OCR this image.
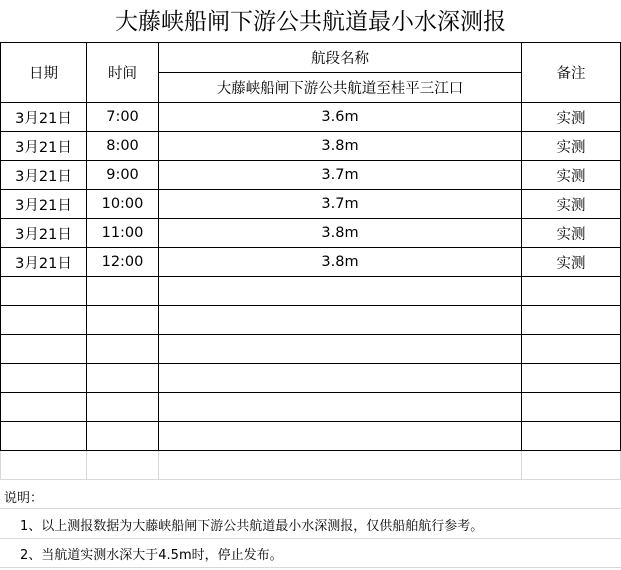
大藤峡船闸下游公共航道最小水深测报
日期	时间	航段名称	备注
		大藤峡船闸下游公共航道至桂平三江口	
3月21日	7:00	3.6m	实测
3月21日	8:00	3.8m	实测
3月21日	9:00	3.7m	实测
3月21日	10:00	3.7m	实测
3月21日	11:00	3.8m	实测
3月21日	12:00	3.8m	实测

说明：
1、以上测报数据为大藤峡船闸下游公共航道最小水深测报，仅供船舶航行参考。
2、当航道实测水深大于4.5m时，停止发布。
